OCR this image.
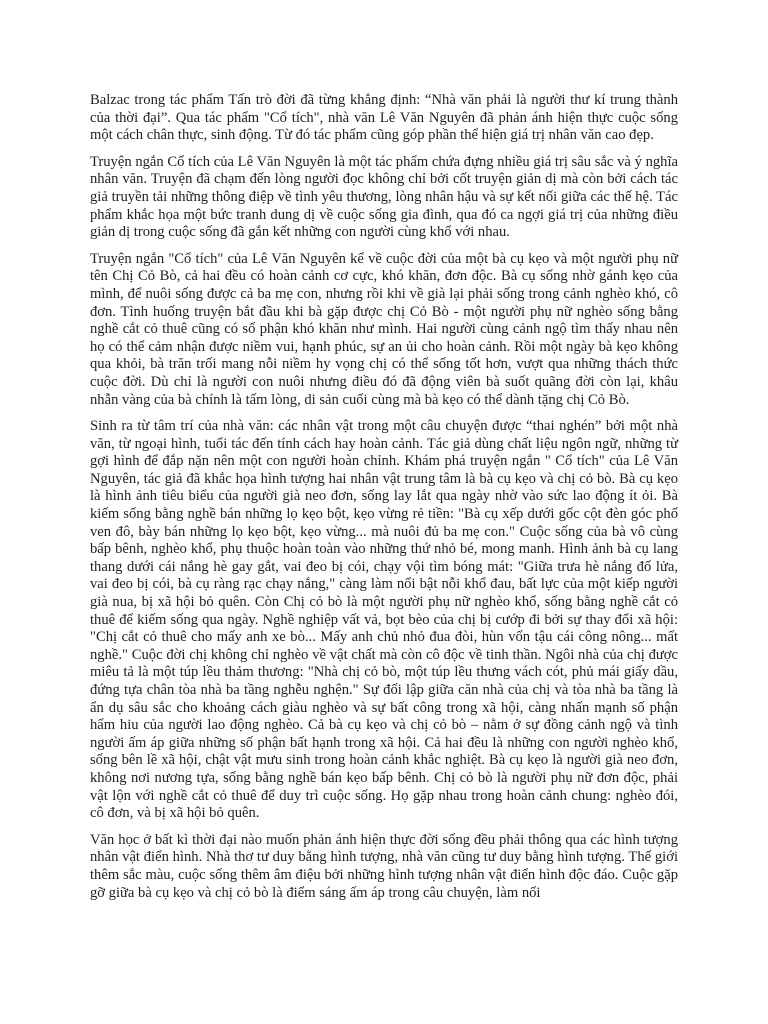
Balzac trong tác phẩm Tấn trò đời đã từng khẳng định: “Nhà văn phải là người thư kí trung thành của thời đại”. Qua tác phẩm "Cổ tích", nhà văn Lê Văn Nguyên đã phản ánh hiện thực cuộc sống một cách chân thực, sinh động. Từ đó tác phẩm cũng góp phần thể hiện giá trị nhân văn cao đẹp.

Truyện ngắn Cổ tích của Lê Văn Nguyên là một tác phẩm chứa đựng nhiều giá trị sâu sắc và ý nghĩa nhân văn. Truyện đã chạm đến lòng người đọc không chỉ bởi cốt truyện giản dị mà còn bởi cách tác giả truyền tải những thông điệp về tình yêu thương, lòng nhân hậu và sự kết nối giữa các thế hệ. Tác phẩm khắc họa một bức tranh dung dị về cuộc sống gia đình, qua đó ca ngợi giá trị của những điều giản dị trong cuộc sống đã gắn kết những con người cùng khổ với nhau.

Truyện ngắn "Cổ tích" của Lê Văn Nguyên kể về cuộc đời của một bà cụ kẹo và một người phụ nữ tên Chị Cỏ Bò, cả hai đều có hoàn cảnh cơ cực, khó khăn, đơn độc. Bà cụ sống nhờ gánh kẹo của mình, để nuôi sống được cả ba mẹ con, nhưng rồi khi về già lại phải sống trong cảnh nghèo khó, cô đơn. Tình huống truyện bắt đầu khi bà gặp được chị Cỏ Bò - một người phụ nữ nghèo sống bằng nghề cắt cỏ thuê cũng có số phận khó khăn như mình. Hai người cùng cảnh ngộ tìm thấy nhau nên họ có thể cảm nhận được niềm vui, hạnh phúc, sự an ủi cho hoàn cảnh. Rồi một ngày bà kẹo không qua khỏi, bà trăn trối mang nỗi niềm hy vọng chị có thể sống tốt hơn, vượt qua những thách thức cuộc đời. Dù chỉ là người con nuôi nhưng điều đó đã động viên bà suốt quãng đời còn lại, khâu nhẫn vàng của bà chính là tấm lòng, di sản cuối cùng mà bà kẹo có thể dành tặng chị Cỏ Bò.

Sinh ra từ tâm trí của nhà văn: các nhân vật trong một câu chuyện được “thai nghén” bởi một nhà văn, từ ngoại hình, tuổi tác đến tính cách hay hoàn cảnh. Tác giả dùng chất liệu ngôn ngữ, những từ gợi hình để đắp nặn nên một con người hoàn chỉnh. Khám phá truyện ngắn " Cổ tích" của Lê Văn Nguyên, tác giả đã khắc họa hình tượng hai nhân vật trung tâm là bà cụ kẹo và chị cỏ bò. Bà cụ kẹo là hình ảnh tiêu biểu của người già neo đơn, sống lay lắt qua ngày nhờ vào sức lao động ít ỏi. Bà kiếm sống bằng nghề bán những lọ kẹo bột, kẹo vừng rẻ tiền: "Bà cụ xếp dưới gốc cột đèn góc phố ven đô, bày bán những lọ kẹo bột, kẹo vừng... mà nuôi đủ ba mẹ con." Cuộc sống của bà vô cùng bấp bênh, nghèo khổ, phụ thuộc hoàn toàn vào những thứ nhỏ bé, mong manh. Hình ảnh bà cụ lang thang dưới cái nắng hè gay gắt, vai đeo bị cói, chạy vội tìm bóng mát: "Giữa trưa hè nắng đổ lửa, vai đeo bị cói, bà cụ ràng rạc chạy nắng," càng làm nổi bật nỗi khổ đau, bất lực của một kiếp người già nua, bị xã hội bỏ quên. Còn Chị cỏ bò là một người phụ nữ nghèo khổ, sống bằng nghề cắt cỏ thuê để kiếm sống qua ngày. Nghề nghiệp vất vả, bọt bèo của chị bị cướp đi bởi sự thay đổi xã hội: "Chị cắt cỏ thuê cho mấy anh xe bò... Mấy anh chủ nhỏ đua đòi, hùn vốn tậu cái công nông... mất nghề." Cuộc đời chị không chỉ nghèo về vật chất mà còn cô độc về tinh thần. Ngôi nhà của chị được miêu tả là một túp lều thảm thương: "Nhà chị cỏ bò, một túp lều thưng vách cót, phủ mái giấy dầu, đứng tựa chân tòa nhà ba tầng nghễu nghện." Sự đối lập giữa căn nhà của chị và tòa nhà ba tầng là ẩn dụ sâu sắc cho khoảng cách giàu nghèo và sự bất công trong xã hội, càng nhấn mạnh số phận hẩm hiu của người lao động nghèo. Cả bà cụ kẹo và chị cỏ bò – nằm ở sự đồng cảnh ngộ và tình người ấm áp giữa những số phận bất hạnh trong xã hội. Cả hai đều là những con người nghèo khổ, sống bên lề xã hội, chật vật mưu sinh trong hoàn cảnh khắc nghiệt. Bà cụ kẹo là người già neo đơn, không nơi nương tựa, sống bằng nghề bán kẹo bấp bênh. Chị cỏ bò là người phụ nữ đơn độc, phải vật lộn với nghề cắt cỏ thuê để duy trì cuộc sống. Họ gặp nhau trong hoàn cảnh chung: nghèo đói, cô đơn, và bị xã hội bỏ quên.

Văn học ở bất kì thời đại nào muốn phản ánh hiện thực đời sống đều phải thông qua các hình tượng nhân vật điển hình. Nhà thơ tư duy bằng hình tượng, nhà văn cũng tư duy bằng hình tượng. Thế giới thêm sắc màu, cuộc sống thêm âm điệu bởi những hình tượng nhân vật điển hình độc đáo. Cuộc gặp gỡ giữa bà cụ kẹo và chị cỏ bò là điểm sáng ấm áp trong câu chuyện, làm nổi
